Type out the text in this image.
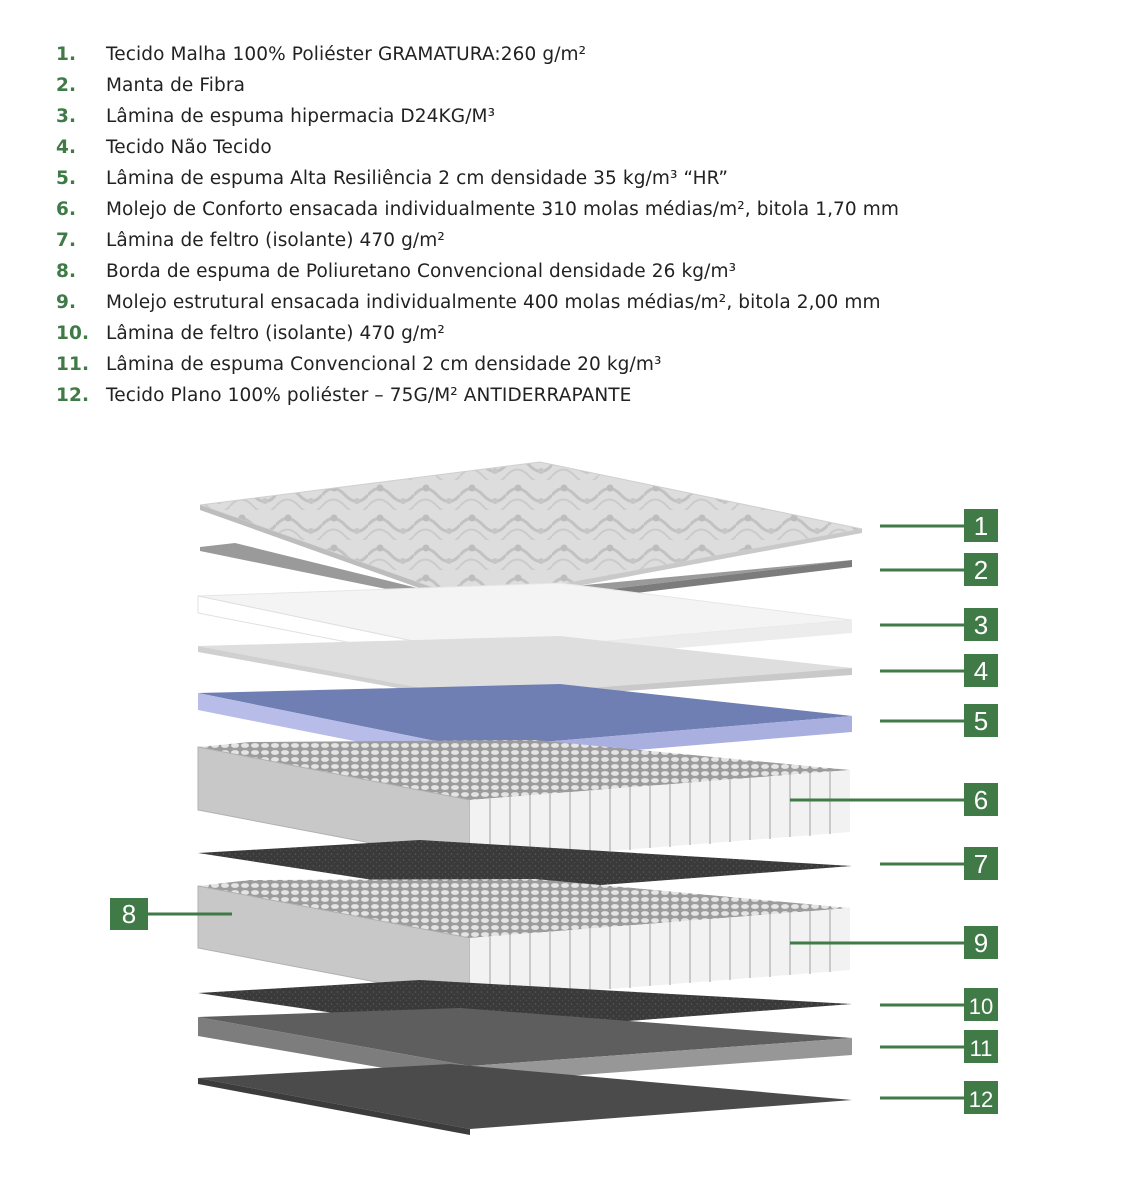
1.	Tecido Malha 100% Poliéster GRAMATURA:260 g/m²
2.	Manta de Fibra
3.	Lâmina de espuma hipermacia D24KG/M³
4.	Tecido Não Tecido
5.	Lâmina de espuma Alta Resiliência 2 cm densidade 35 kg/m³ “HR”
6.	Molejo de Conforto ensacada individualmente 310 molas médias/m², bitola 1,70 mm
7.	Lâmina de feltro (isolante) 470 g/m²
8.	Borda de espuma de Poliuretano Convencional densidade 26 kg/m³
9.	Molejo estrutural ensacada individualmente 400 molas médias/m², bitola 2,00 mm
10. Lâmina de feltro (isolante) 470 g/m²
11. Lâmina de espuma Convencional 2 cm densidade 20 kg/m³
12. Tecido Plano 100% poliéster – 75G/M² ANTIDERRAPANTE
1
2
3
4
5
6
7
8
9
10
11
12
